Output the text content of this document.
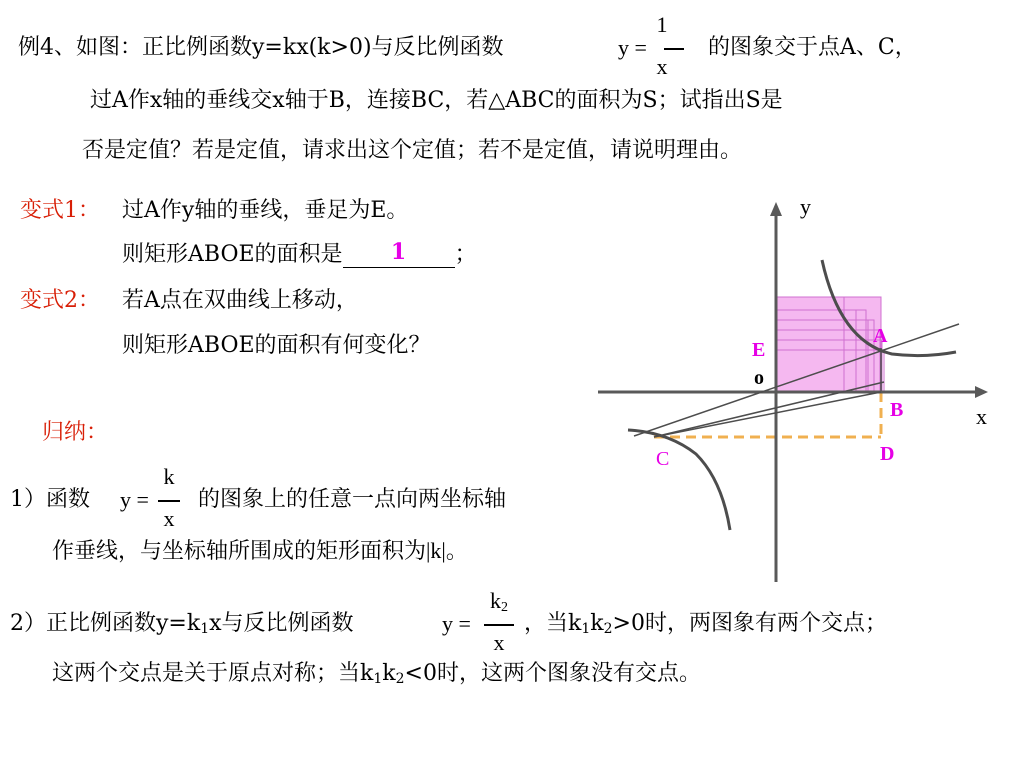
例4、如图：正比例函数y=kx(k>0)与反比例函数	y =
1
x
的图象交于点A、C，
过A作x轴的垂线交x轴于B，连接BC，若△ABC的面积为S；试指出S是
否是定值？若是定值，请求出这个定值；若不是定值，请说明理由。
变式1： 过A作y轴的垂线，垂足为E。
则矩形ABOE的面积是	1	；
变式2： 若A点在双曲线上移动，
则矩形ABOE的面积有何变化？
归纳：
1）函数 y =
k
x
的图象上的任意一点向两坐标轴
作垂线，与坐标轴所围成的矩形面积为|k|。
2）正比例函数$y=k_1x$与反比例函数	y =
$k_2$
x
，当$k_1k_2>0$时，两图象有两个交点；
这两个交点是关于原点对称；当$k_1k_2<0$时，这两个图象没有交点。
y
x
o
A
E
B
D
C
